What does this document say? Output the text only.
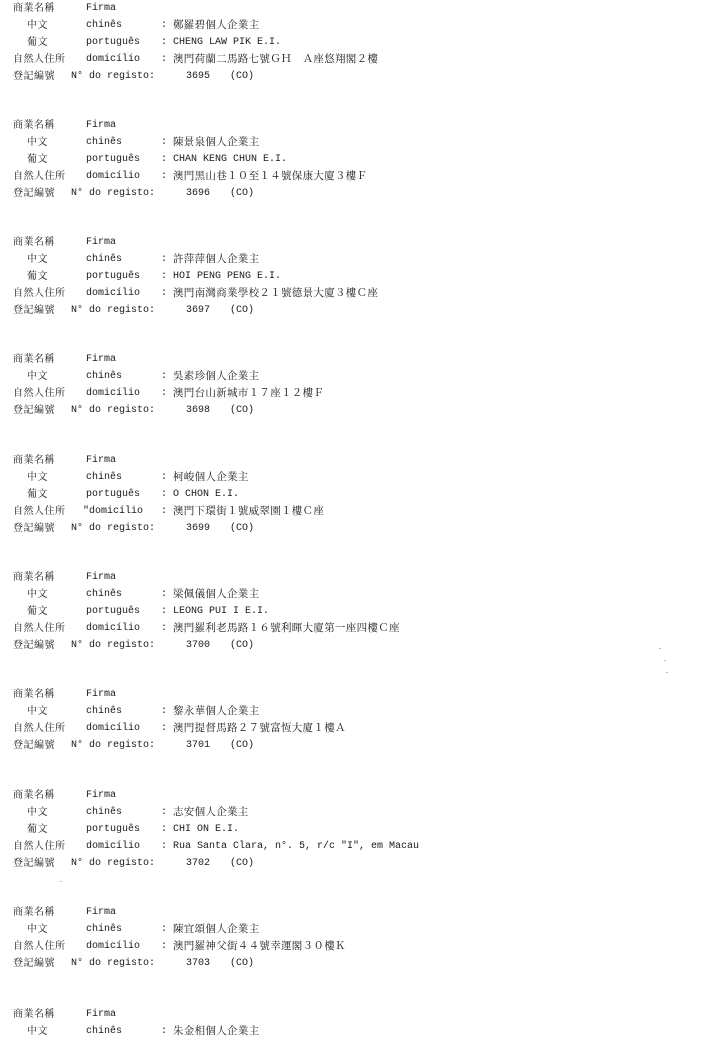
商業名稱	Firma
中文	chinês	: 鄭羅碧個人企業主
葡文	português : CHENG LAW PIK E.I.
自然人住所 domicílio : 澳門荷蘭二馬路七號ＧＨ　Ａ座悠翔閣２樓
登記編號 N° do registo:	3695 (CO)
商業名稱	Firma
中文	chinês	: 陳景泉個人企業主
葡文	português : CHAN KENG CHUN E.I.
自然人住所 domicílio : 澳門黑山巷１０至１４號保康大廈３樓Ｆ
登記編號 N° do registo:	3696 (CO)
商業名稱	Firma
中文	chinês	: 許萍萍個人企業主
葡文	português : HOI PENG PENG E.I.
自然人住所 domicílio : 澳門南灣商業學校２１號德景大廈３樓Ｃ座
登記編號 N° do registo:	3697 (CO)
商業名稱	Firma
中文	chinês	: 吳素珍個人企業主
自然人住所 domicílio : 澳門台山新城市１７座１２樓Ｆ
登記編號 N° do registo:	3698 (CO)
商業名稱	Firma
中文	chinês	: 柯峻個人企業主
葡文	português : O CHON E.I.
自然人住所 "domicílio : 澳門下環街１號威翠園１樓Ｃ座
登記編號 N° do registo:	3699 (CO)
商業名稱	Firma
中文	chinês	: 梁佩儀個人企業主
葡文	português : LEONG PUI I E.I.
自然人住所 domicílio : 澳門羅利老馬路１６號利暉大廈第一座四樓Ｃ座
登記編號 N° do registo:	3700 (CO)
商業名稱	Firma
中文	chinês	: 黎永華個人企業主
自然人住所 domicílio : 澳門提督馬路２７號富恆大廈１樓Ａ
登記編號 N° do registo:	3701 (CO)
商業名稱	Firma
中文	chinês	: 志安個人企業主
葡文	português : CHI ON E.I.
自然人住所 domicílio : Rua Santa Clara, n°. 5, r/c "I", em Macau
登記編號 N° do registo:	3702 (CO)
商業名稱	Firma
中文	chinês	: 陳宜頌個人企業主
自然人住所 domicílio : 澳門羅神父街４４號幸運閣３０樓Ｋ
登記編號 N° do registo:	3703 (CO)
商業名稱	Firma
中文	chinês	: 朱金相個人企業主
